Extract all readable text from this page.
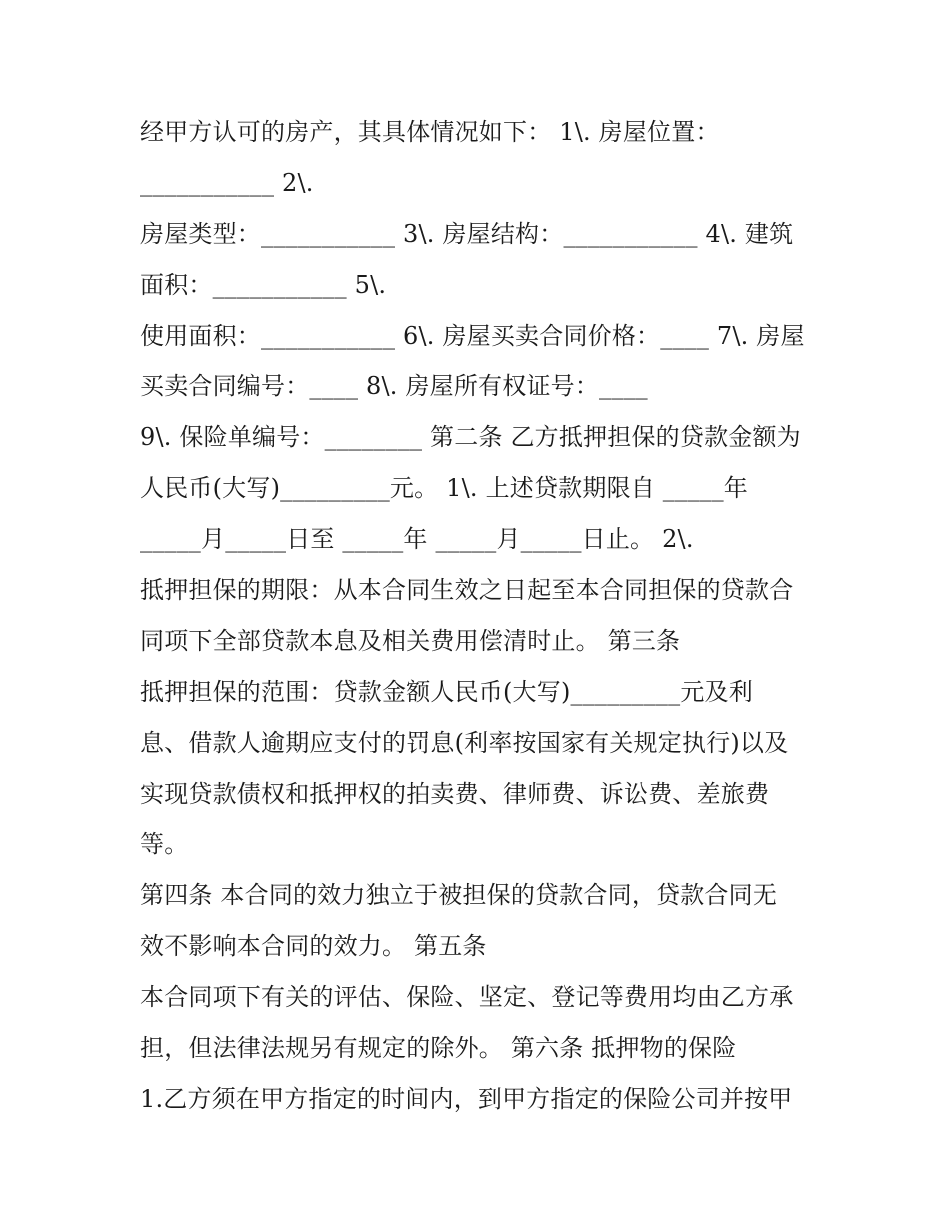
经甲方认可的房产，其具体情况如下： 1\. 房屋位置：
___________ 2\.
房屋类型：___________ 3\. 房屋结构：___________ 4\. 建筑
面积：___________ 5\.
使用面积：___________ 6\. 房屋买卖合同价格：____ 7\. 房屋
买卖合同编号：____ 8\. 房屋所有权证号：____
9\. 保险单编号：________ 第二条 乙方抵押担保的贷款金额为
人民币(大写)_________元。 1\. 上述贷款期限自 _____年
_____月_____日至 _____年 _____月_____日止。 2\.
抵押担保的期限：从本合同生效之日起至本合同担保的贷款合
同项下全部贷款本息及相关费用偿清时止。 第三条
抵押担保的范围：贷款金额人民币(大写)_________元及利
息、借款人逾期应支付的罚息(利率按国家有关规定执行)以及
实现贷款债权和抵押权的拍卖费、律师费、诉讼费、差旅费
等。
第四条 本合同的效力独立于被担保的贷款合同，贷款合同无
效不影响本合同的效力。 第五条
本合同项下有关的评估、保险、坚定、登记等费用均由乙方承
担，但法律法规另有规定的除外。 第六条 抵押物的保险
1.乙方须在甲方指定的时间内，到甲方指定的保险公司并按甲
